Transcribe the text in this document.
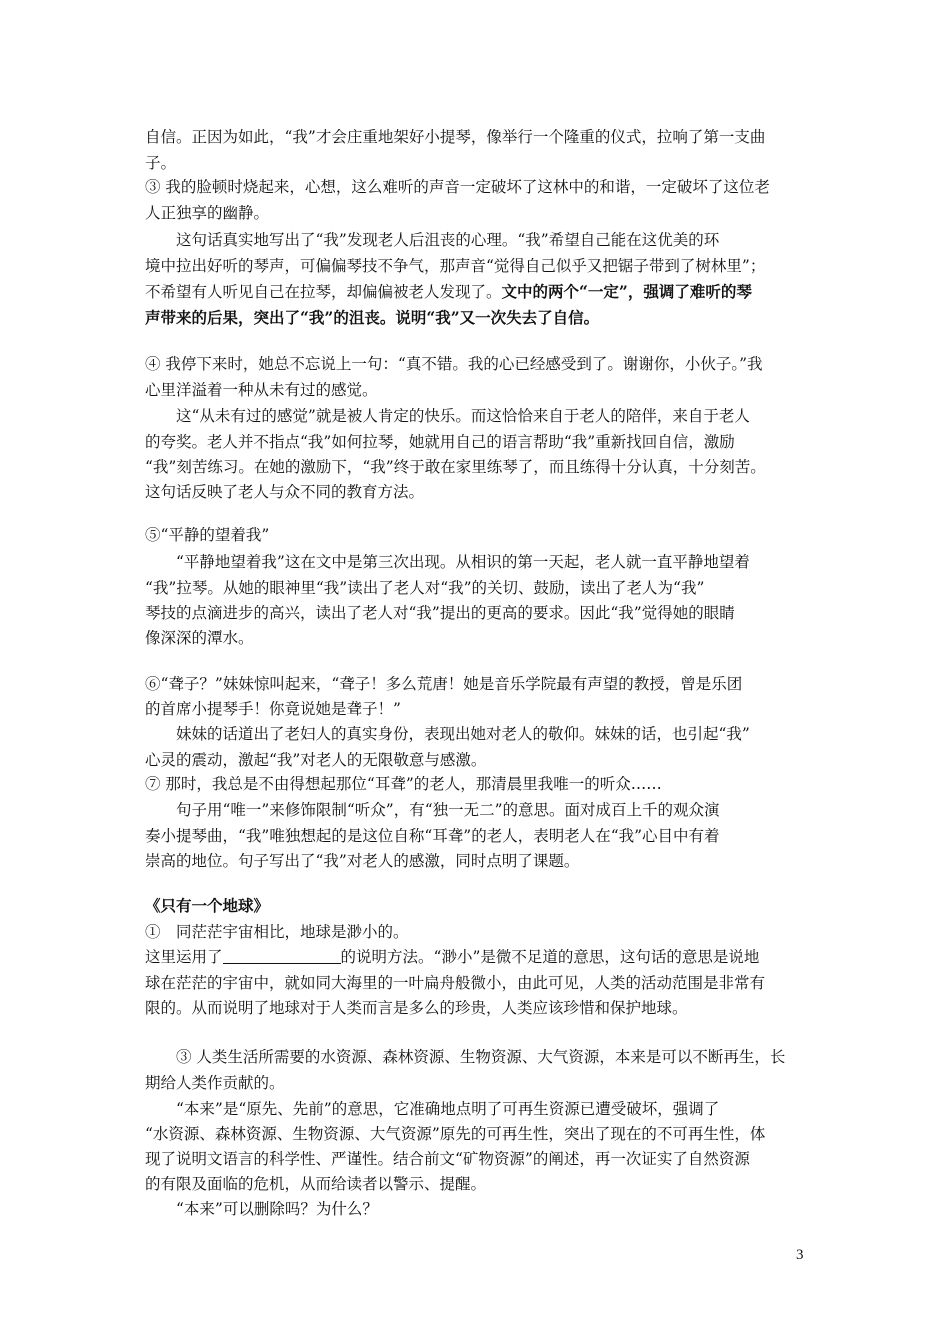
自信。正因为如此，“我”才会庄重地架好小提琴，像举行一个隆重的仪式，拉响了第一支曲
子。
③ 我的脸顿时烧起来，心想，这么难听的声音一定破坏了这林中的和谐，一定破坏了这位老
人正独享的幽静。
　　这句话真实地写出了“我”发现老人后沮丧的心理。“我”希望自己能在这优美的环
境中拉出好听的琴声，可偏偏琴技不争气，那声音“觉得自己似乎又把锯子带到了树林里”；
不希望有人听见自己在拉琴，却偏偏被老人发现了。文中的两个“一定”，强调了难听的琴
声带来的后果，突出了“我”的沮丧。说明“我”又一次失去了自信。
④ 我停下来时，她总不忘说上一句：“真不错。我的心已经感受到了。谢谢你，小伙子。”我
心里洋溢着一种从未有过的感觉。
　　这“从未有过的感觉”就是被人肯定的快乐。而这恰恰来自于老人的陪伴，来自于老人
的夸奖。老人并不指点“我”如何拉琴，她就用自己的语言帮助“我”重新找回自信，激励
“我”刻苦练习。在她的激励下，“我”终于敢在家里练琴了，而且练得十分认真，十分刻苦。
这句话反映了老人与众不同的教育方法。
⑤“平静的望着我”
　　“平静地望着我”这在文中是第三次出现。从相识的第一天起，老人就一直平静地望着
“我”拉琴。从她的眼神里“我”读出了老人对“我”的关切、鼓励，读出了老人为“我”
琴技的点滴进步的高兴，读出了老人对“我”提出的更高的要求。因此“我”觉得她的眼睛
像深深的潭水。
⑥“聋子？”妹妹惊叫起来，“聋子！多么荒唐！她是音乐学院最有声望的教授，曾是乐团
的首席小提琴手！你竟说她是聋子！”
　　妹妹的话道出了老妇人的真实身份，表现出她对老人的敬仰。妹妹的话，也引起“我”
心灵的震动，激起“我”对老人的无限敬意与感激。
⑦ 那时，我总是不由得想起那位“耳聋”的老人，那清晨里我唯一的听众……
　　句子用“唯一”来修饰限制“听众”，有“独一无二”的意思。面对成百上千的观众演
奏小提琴曲，“我”唯独想起的是这位自称“耳聋”的老人，表明老人在“我”心目中有着
崇高的地位。句子写出了“我”对老人的感激，同时点明了课题。
《只有一个地球》
①　同茫茫宇宙相比，地球是渺小的。
这里运用了	的说明方法。“渺小”是微不足道的意思，这句话的意思是说地
球在茫茫的宇宙中，就如同大海里的一叶扁舟般微小，由此可见，人类的活动范围是非常有
限的。从而说明了地球对于人类而言是多么的珍贵，人类应该珍惜和保护地球。
　　③ 人类生活所需要的水资源、森林资源、生物资源、大气资源，本来是可以不断再生，长
期给人类作贡献的。
　　“本来”是“原先、先前”的意思，它准确地点明了可再生资源已遭受破坏，强调了
“水资源、森林资源、生物资源、大气资源”原先的可再生性，突出了现在的不可再生性，体
现了说明文语言的科学性、严谨性。结合前文“矿物资源”的阐述，再一次证实了自然资源
的有限及面临的危机，从而给读者以警示、提醒。
　　“本来”可以删除吗？为什么？
3
